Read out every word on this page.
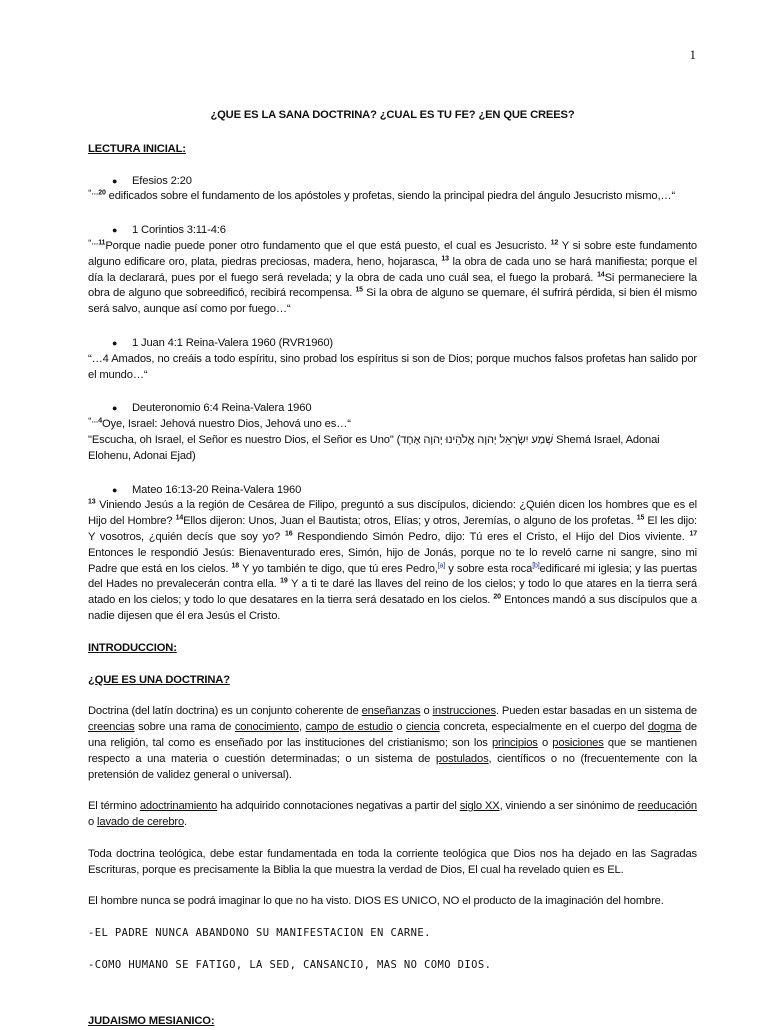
1

¿QUE ES LA SANA DOCTRINA? ¿CUAL ES TU FE? ¿EN QUE CREES?

LECTURA INICIAL:

●	Efesios 2:20

$^{“\dots 20}$ edificados sobre el fundamento de los apóstoles y profetas, siendo la principal piedra del ángulo Jesucristo mismo,…“

●	1 Corintios 3:11-4:6

$^{“\dots 11}$Porque nadie puede poner otro fundamento que el que está puesto, el cual es Jesucristo. $^{12}$ Y si sobre este fundamento alguno edificare oro, plata, piedras preciosas, madera, heno, hojarasca, $^{13}$ la obra de cada uno se hará manifiesta; porque el día la declarará, pues por el fuego será revelada; y la obra de cada uno cuál sea, el fuego la probará. $^{14}$Si permaneciere la obra de alguno que sobreedificó, recibirá recompensa. $^{15}$ Si la obra de alguno se quemare, él sufrirá pérdida, si bien él mismo será salvo, aunque así como por fuego…“

●	1 Juan 4:1 Reina-Valera 1960 (RVR1960)

“…4 Amados, no creáis a todo espíritu, sino probad los espíritus si son de Dios; porque muchos falsos profetas han salido por el mundo…“

●	Deuteronomio 6:4 Reina-Valera 1960

$^{“\dots 4}$Oye, Israel: Jehová nuestro Dios, Jehová uno es…“

"Escucha, oh Israel, el Señor es nuestro Dios, el Señor es Uno" (שְׁמַע יִשְׂרָאֵל יְהוָה אֱלֹהֵינוּ יְהוָה אֶחָד Shemá Israel, Adonai Elohenu, Adonai Ejad)

●	Mateo 16:13-20 Reina-Valera 1960

$^{13}$ Viniendo Jesús a la región de Cesárea de Filipo, preguntó a sus discípulos, diciendo: ¿Quién dicen los hombres que es el Hijo del Hombre? $^{14}$Ellos dijeron: Unos, Juan el Bautista; otros, Elías; y otros, Jeremías, o alguno de los profetas. $^{15}$ El les dijo: Y vosotros, ¿quién decís que soy yo? $^{16}$ Respondiendo Simón Pedro, dijo: Tú eres el Cristo, el Hijo del Dios viviente. $^{17}$ Entonces le respondió Jesús: Bienaventurado eres, Simón, hijo de Jonás, porque no te lo reveló carne ni sangre, sino mi Padre que está en los cielos. $^{18}$ Y yo también te digo, que tú eres Pedro,[a] y sobre esta roca[b]edificaré mi iglesia; y las puertas del Hades no prevalecerán contra ella. $^{19}$ Y a ti te daré las llaves del reino de los cielos; y todo lo que atares en la tierra será atado en los cielos; y todo lo que desatares en la tierra será desatado en los cielos. $^{20}$ Entonces mandó a sus discípulos que a nadie dijesen que él era Jesús el Cristo.

INTRODUCCION:

¿QUE ES UNA DOCTRINA?

Doctrina (del latín doctrina) es un conjunto coherente de enseñanzas o instrucciones. Pueden estar basadas en un sistema de creencias sobre una rama de conocimiento, campo de estudio o ciencia concreta, especialmente en el cuerpo del dogma de una religión, tal como es enseñado por las instituciones del cristianismo; son los principios o posiciones que se mantienen respecto a una materia o cuestión determinadas; o un sistema de postulados, científicos o no (frecuentemente con la pretensión de validez general o universal).

El término adoctrinamiento ha adquirido connotaciones negativas a partir del siglo XX, viniendo a ser sinónimo de reeducación o lavado de cerebro.

Toda doctrina teológica, debe estar fundamentada en toda la corriente teológica que Dios nos ha dejado en las Sagradas Escrituras, porque es precisamente la Biblia la que muestra la verdad de Dios, El cual ha revelado quien es EL.

El hombre nunca se podrá imaginar lo que no ha visto. DIOS ES UNICO, NO el producto de la imaginación del hombre.

-EL PADRE NUNCA ABANDONO SU MANIFESTACION EN CARNE.

-COMO HUMANO SE FATIGO, LA SED, CANSANCIO, MAS NO COMO DIOS.

JUDAISMO MESIANICO:
